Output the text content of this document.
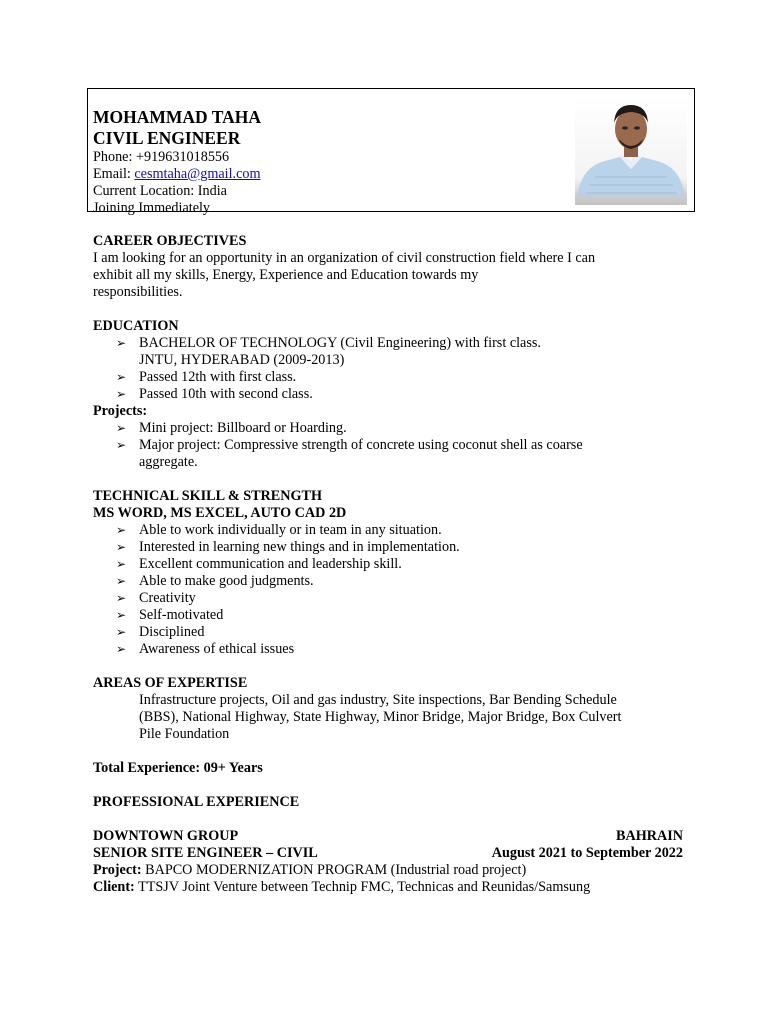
MOHAMMAD TAHA
CIVIL ENGINEER
Phone: +919631018556
Email: cesmtaha@gmail.com
Current Location: India
Joining Immediately
CAREER OBJECTIVES
I am looking for an opportunity in an organization of civil construction field where I can
exhibit all my skills, Energy, Experience and Education towards my
responsibilities.
EDUCATION
➢ BACHELOR OF TECHNOLOGY (Civil Engineering) with first class.
JNTU, HYDERABAD (2009-2013)
➢ Passed 12th with first class.
➢ Passed 10th with second class.
Projects:
➢ Mini project: Billboard or Hoarding.
➢ Major project: Compressive strength of concrete using coconut shell as coarse
aggregate.
TECHNICAL SKILL & STRENGTH
MS WORD, MS EXCEL, AUTO CAD 2D
➢ Able to work individually or in team in any situation.
➢ Interested in learning new things and in implementation.
➢ Excellent communication and leadership skill.
➢ Able to make good judgments.
➢ Creativity
➢ Self-motivated
➢ Disciplined
➢ Awareness of ethical issues
AREAS OF EXPERTISE
Infrastructure projects, Oil and gas industry, Site inspections, Bar Bending Schedule
(BBS), National Highway, State Highway, Minor Bridge, Major Bridge, Box Culvert
Pile Foundation
Total Experience: 09+ Years
PROFESSIONAL EXPERIENCE
DOWNTOWN GROUP	BAHRAIN
SENIOR SITE ENGINEER – CIVIL	August 2021 to September 2022
Project: BAPCO MODERNIZATION PROGRAM (Industrial road project)
Client: TTSJV Joint Venture between Technip FMC, Technicas and Reunidas/Samsung
